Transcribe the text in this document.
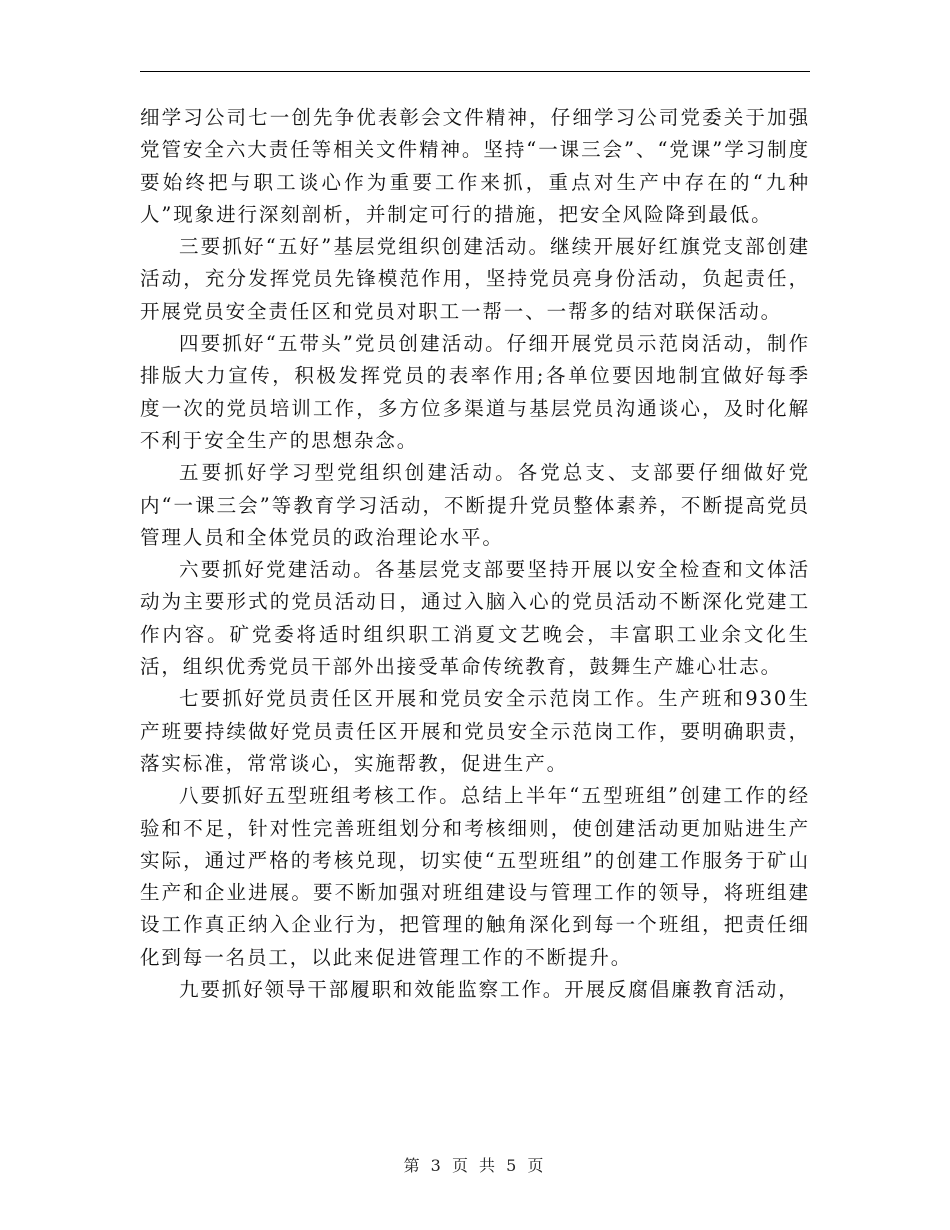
细学习公司七一创先争优表彰会文件精神，仔细学习公司党委关于加强党管安全六大责任等相关文件精神。坚持“一课三会”、“党课”学习制度要始终把与职工谈心作为重要工作来抓，重点对生产中存在的“九种人”现象进行深刻剖析，并制定可行的措施，把安全风险降到最低。

三要抓好“五好”基层党组织创建活动。继续开展好红旗党支部创建活动，充分发挥党员先锋模范作用，坚持党员亮身份活动，负起责任，开展党员安全责任区和党员对职工一帮一、一帮多的结对联保活动。

四要抓好“五带头”党员创建活动。仔细开展党员示范岗活动，制作排版大力宣传，积极发挥党员的表率作用;各单位要因地制宜做好每季度一次的党员培训工作，多方位多渠道与基层党员沟通谈心，及时化解不利于安全生产的思想杂念。

五要抓好学习型党组织创建活动。各党总支、支部要仔细做好党内“一课三会”等教育学习活动，不断提升党员整体素养，不断提高党员管理人员和全体党员的政治理论水平。

六要抓好党建活动。各基层党支部要坚持开展以安全检查和文体活动为主要形式的党员活动日，通过入脑入心的党员活动不断深化党建工作内容。矿党委将适时组织职工消夏文艺晚会，丰富职工业余文化生活，组织优秀党员干部外出接受革命传统教育，鼓舞生产雄心壮志。

七要抓好党员责任区开展和党员安全示范岗工作。生产班和930生产班要持续做好党员责任区开展和党员安全示范岗工作，要明确职责，落实标准，常常谈心，实施帮教，促进生产。

八要抓好五型班组考核工作。总结上半年“五型班组”创建工作的经验和不足，针对性完善班组划分和考核细则，使创建活动更加贴进生产实际，通过严格的考核兑现，切实使“五型班组”的创建工作服务于矿山生产和企业进展。要不断加强对班组建设与管理工作的领导，将班组建设工作真正纳入企业行为，把管理的触角深化到每一个班组，把责任细化到每一名员工，以此来促进管理工作的不断提升。

九要抓好领导干部履职和效能监察工作。开展反腐倡廉教育活动，

第 3 页 共 5 页
